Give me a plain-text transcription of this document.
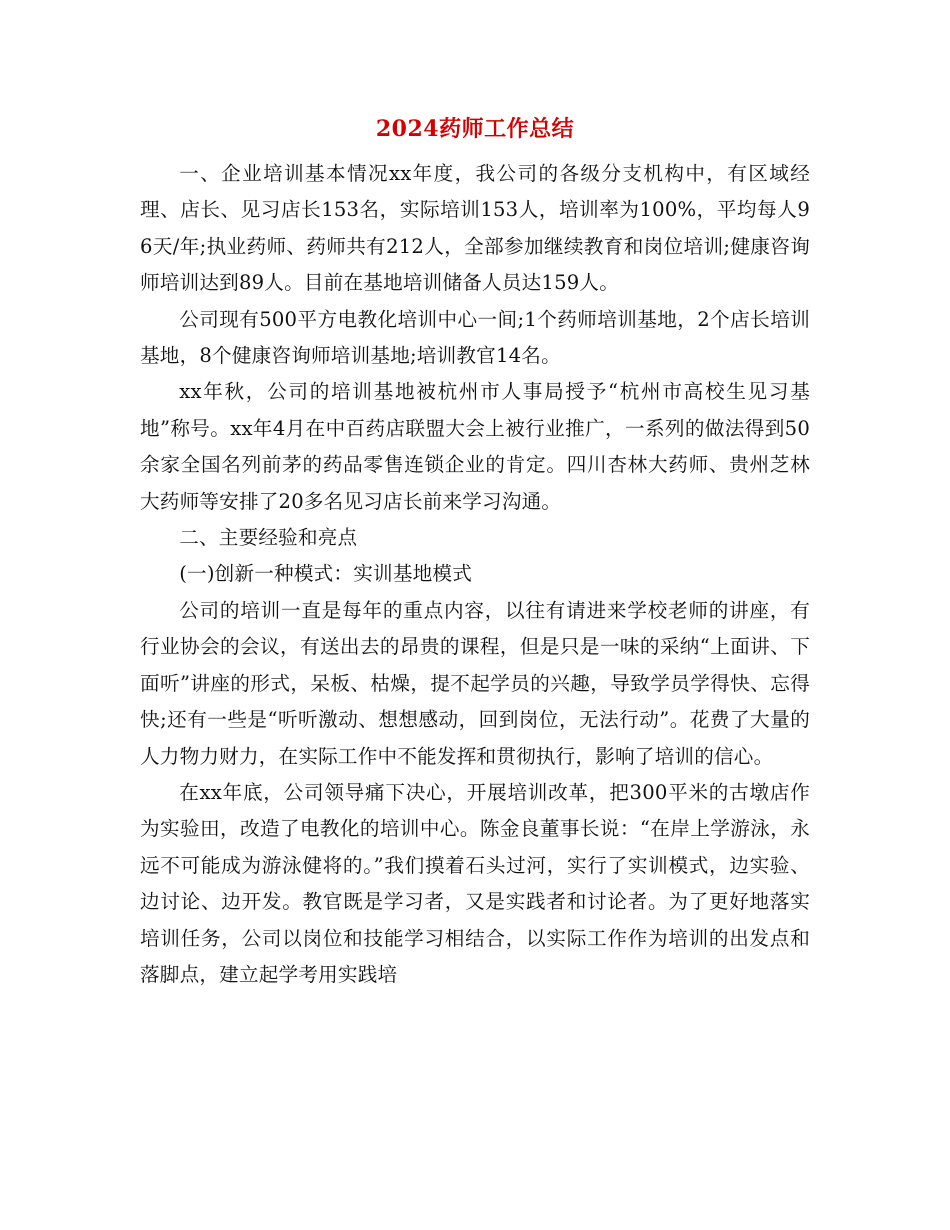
2024药师工作总结

一、企业培训基本情况xx年度，我公司的各级分支机构中，有区域经理、店长、见习店长153名，实际培训153人，培训率为100%，平均每人96天/年;执业药师、药师共有212人，全部参加继续教育和岗位培训;健康咨询师培训达到89人。目前在基地培训储备人员达159人。

公司现有500平方电教化培训中心一间;1个药师培训基地，2个店长培训基地，8个健康咨询师培训基地;培训教官14名。

xx年秋，公司的培训基地被杭州市人事局授予“杭州市高校生见习基地”称号。xx年4月在中百药店联盟大会上被行业推广，一系列的做法得到50余家全国名列前茅的药品零售连锁企业的肯定。四川杏林大药师、贵州芝林大药师等安排了20多名见习店长前来学习沟通。

二、主要经验和亮点

(一)创新一种模式：实训基地模式

公司的培训一直是每年的重点内容，以往有请进来学校老师的讲座，有行业协会的会议，有送出去的昂贵的课程，但是只是一味的采纳“上面讲、下面听”讲座的形式，呆板、枯燥，提不起学员的兴趣，导致学员学得快、忘得快;还有一些是“听听激动、想想感动，回到岗位，无法行动”。花费了大量的人力物力财力，在实际工作中不能发挥和贯彻执行，影响了培训的信心。

在xx年底，公司领导痛下决心，开展培训改革，把300平米的古墩店作为实验田，改造了电教化的培训中心。陈金良董事长说：“在岸上学游泳，永远不可能成为游泳健将的。”我们摸着石头过河，实行了实训模式，边实验、边讨论、边开发。教官既是学习者，又是实践者和讨论者。为了更好地落实培训任务，公司以岗位和技能学习相结合，以实际工作作为培训的出发点和落脚点，建立起学考用实践培
